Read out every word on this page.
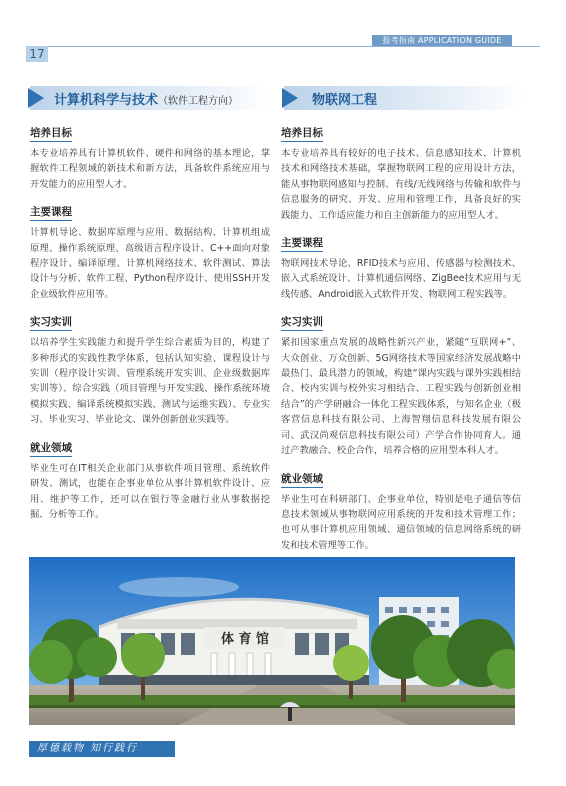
报考指南 APPLICATION GUIDE
17
计算机科学与技术（软件工程方向）	物联网工程
培养目标

本专业培养具有计算机软件、硬件和网络的基本理论，掌握软件工程领域的新技术和新方法，具备软件系统应用与开发能力的应用型人才。

主要课程

计算机导论、数据库原理与应用、数据结构、计算机组成原理、操作系统原理、高级语言程序设计、C++面向对象程序设计、编译原理、计算机网络技术、软件测试、算法设计与分析、软件工程、Python程序设计、使用SSH开发企业级软件应用等。

实习实训

以培养学生实践能力和提升学生综合素质为目的，构建了多种形式的实践性教学体系，包括认知实验、课程设计与实训（程序设计实训、管理系统开发实训、企业级数据库实训等）、综合实践（项目管理与开发实践、操作系统环境模拟实践、编译系统模拟实践、测试与运维实践）、专业实习、毕业实习、毕业论文、课外创新创业实践等。

就业领域

毕业生可在IT相关企业部门从事软件项目管理、系统软件研发、测试，也能在企事业单位从事计算机软件设计、应用、维护等工作，还可以在银行等金融行业从事数据挖掘、分析等工作。

培养目标

本专业培养具有较好的电子技术、信息感知技术、计算机技术和网络技术基础，掌握物联网工程的应用设计方法，能从事物联网感知与控制、有线/无线网络与传输和软件与信息服务的研究、开发、应用和管理工作，具备良好的实践能力、工作适应能力和自主创新能力的应用型人才。

主要课程

物联网技术导论、RFID技术与应用、传感器与检测技术、嵌入式系统设计、计算机通信网络、ZigBee技术应用与无线传感、Android嵌入式软件开发、物联网工程实践等。

实习实训

紧扣国家重点发展的战略性新兴产业，紧随“互联网+”、大众创业、万众创新、5G网络技术等国家经济发展战略中最热门、最具潜力的领域，构建“课内实践与课外实践相结合、校内实训与校外实习相结合、工程实践与创新创业相结合”的产学研融合一体化工程实践体系，与知名企业（极客营信息科技有限公司、上海智翔信息科技发展有限公司、武汉尚观信息科技有限公司）产学合作协同育人。通过产教融合、校企合作，培养合格的应用型本科人才。

就业领域

毕业生可在科研部门、企事业单位，特别是电子通信等信息技术领域从事物联网应用系统的开发和技术管理工作；也可从事计算机应用领域、通信领域的信息网络系统的研发和技术管理等工作。

体 育 馆
厚德载物 知行践行
